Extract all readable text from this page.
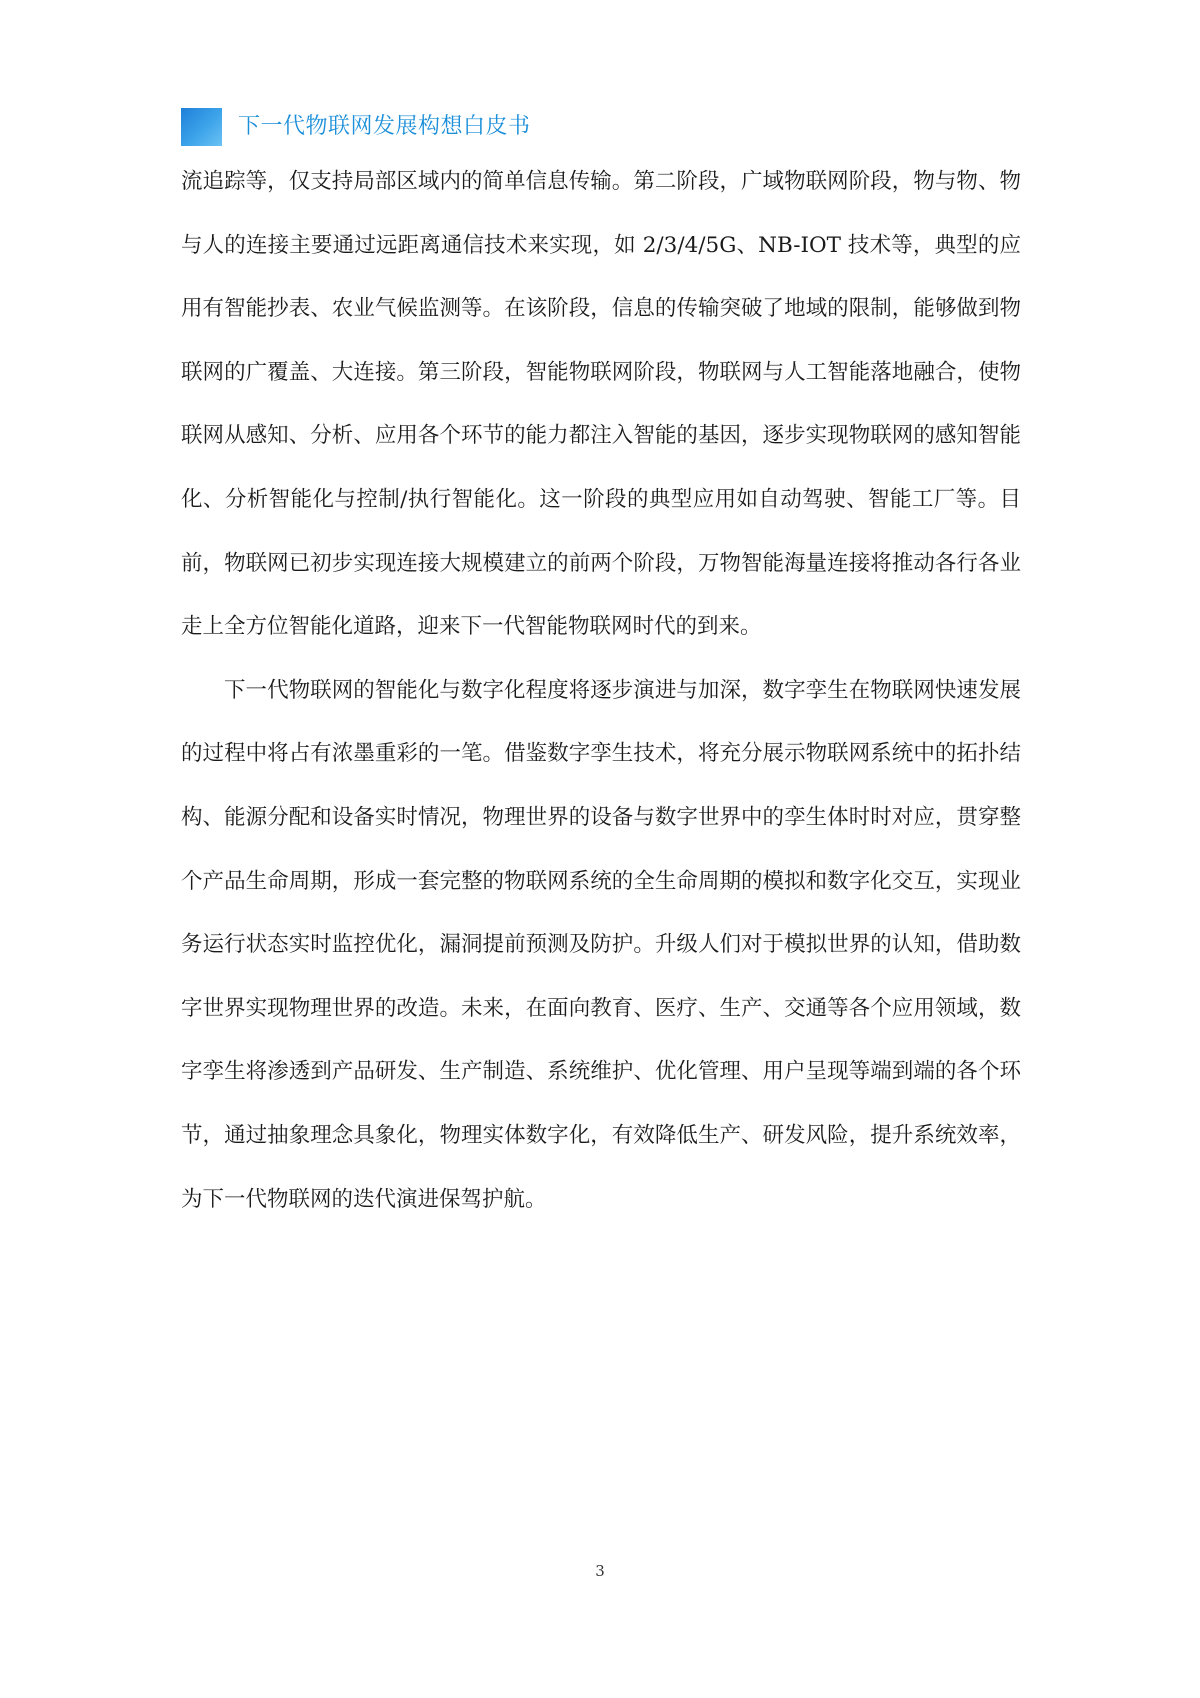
下一代物联网发展构想白皮书

流追踪等，仅支持局部区域内的简单信息传输。第二阶段，广域物联网阶段，物与物、物与人的连接主要通过远距离通信技术来实现，如 2/3/4/5G、NB-IOT 技术等，典型的应用有智能抄表、农业气候监测等。在该阶段，信息的传输突破了地域的限制，能够做到物联网的广覆盖、大连接。第三阶段，智能物联网阶段，物联网与人工智能落地融合，使物联网从感知、分析、应用各个环节的能力都注入智能的基因，逐步实现物联网的感知智能化、分析智能化与控制/执行智能化。这一阶段的典型应用如自动驾驶、智能工厂等。目前，物联网已初步实现连接大规模建立的前两个阶段，万物智能海量连接将推动各行各业走上全方位智能化道路，迎来下一代智能物联网时代的到来。

下一代物联网的智能化与数字化程度将逐步演进与加深，数字孪生在物联网快速发展的过程中将占有浓墨重彩的一笔。借鉴数字孪生技术，将充分展示物联网系统中的拓扑结构、能源分配和设备实时情况，物理世界的设备与数字世界中的孪生体时时对应，贯穿整个产品生命周期，形成一套完整的物联网系统的全生命周期的模拟和数字化交互，实现业务运行状态实时监控优化，漏洞提前预测及防护。升级人们对于模拟世界的认知，借助数字世界实现物理世界的改造。未来，在面向教育、医疗、生产、交通等各个应用领域，数字孪生将渗透到产品研发、生产制造、系统维护、优化管理、用户呈现等端到端的各个环节，通过抽象理念具象化，物理实体数字化，有效降低生产、研发风险，提升系统效率，为下一代物联网的迭代演进保驾护航。

3
